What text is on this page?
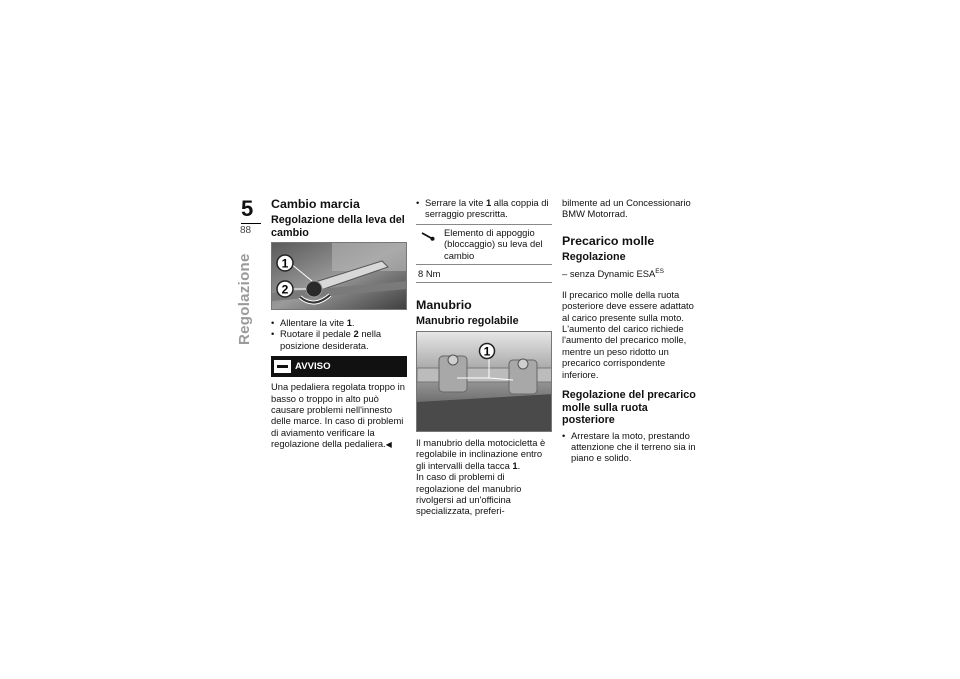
5
88
Regolazione
Cambio marcia
Regolazione della leva del cambio
1
2
• Allentare la vite 1.
• Ruotare il pedale 2 nella posizione desiderata.
AVVISO

Una pedaliera regolata troppo in basso o troppo in alto può causare problemi nell'innesto delle marce. In caso di problemi di aviamento verificare la regolazione della pedaliera.◀

• Serrare la vite 1 alla coppia di serraggio prescritta.
Elemento di appoggio (bloccaggio) su leva del cambio
8 Nm
Manubrio
Manubrio regolabile
1

Il manubrio della motocicletta è regolabile in inclinazione entro gli intervalli della tacca 1.

In caso di problemi di regolazione del manubrio rivolgersi ad un'officina specializzata, preferi-

bilmente ad un Concessionario BMW Motorrad.

Precarico molle
Regolazione

– senza Dynamic $ESA^{ES}$

Il precarico molle della ruota posteriore deve essere adattato al carico presente sulla moto. L'aumento del carico richiede l'aumento del precarico molle, mentre un peso ridotto un precarico corrispondente inferiore.

Regolazione del precarico molle sulla ruota posteriore
• Arrestare la moto, prestando attenzione che il terreno sia in piano e solido.
